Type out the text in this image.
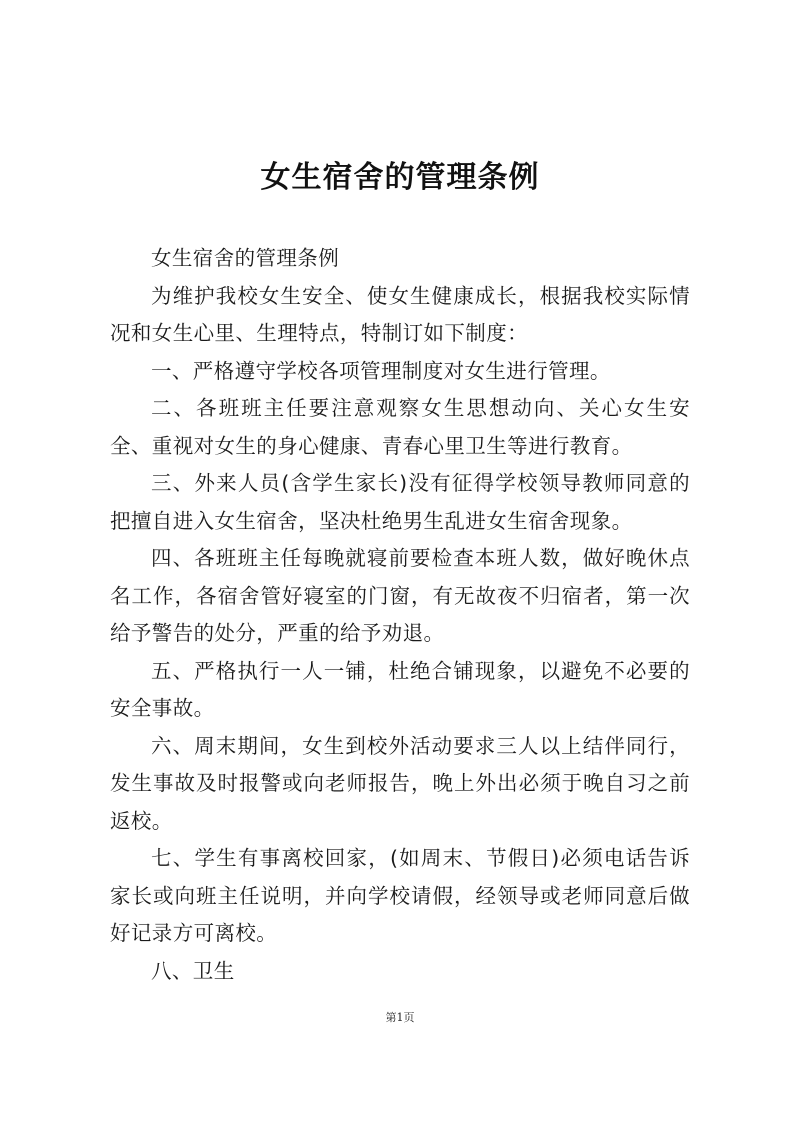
女生宿舍的管理条例

女生宿舍的管理条例

为维护我校女生安全、使女生健康成长，根据我校实际情况和女生心里、生理特点，特制订如下制度：

一、严格遵守学校各项管理制度对女生进行管理。

二、各班班主任要注意观察女生思想动向、关心女生安全、重视对女生的身心健康、青春心里卫生等进行教育。

三、外来人员(含学生家长)没有征得学校领导教师同意的把擅自进入女生宿舍，坚决杜绝男生乱进女生宿舍现象。

四、各班班主任每晚就寝前要检查本班人数，做好晚休点名工作，各宿舍管好寝室的门窗，有无故夜不归宿者，第一次给予警告的处分，严重的给予劝退。

五、严格执行一人一铺，杜绝合铺现象，以避免不必要的安全事故。

六、周末期间，女生到校外活动要求三人以上结伴同行，发生事故及时报警或向老师报告，晚上外出必须于晚自习之前返校。

七、学生有事离校回家，(如周末、节假日)必须电话告诉家长或向班主任说明，并向学校请假，经领导或老师同意后做好记录方可离校。

八、卫生

第1页
